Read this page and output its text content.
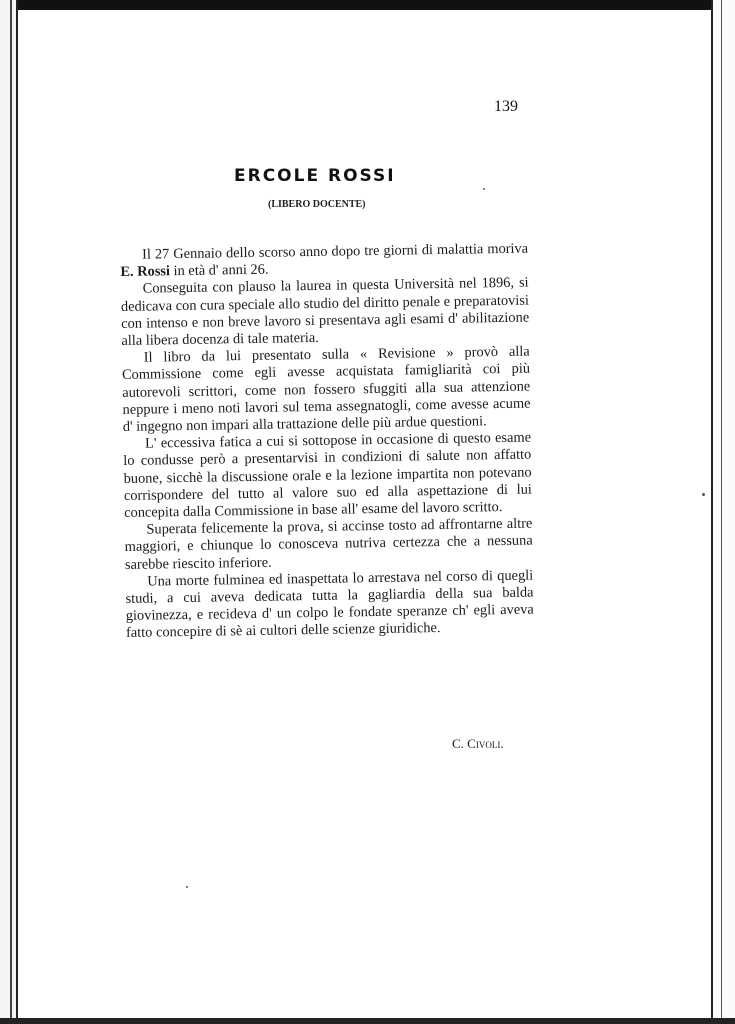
139
ERCOLE ROSSI
(LIBERO DOCENTE)

Il 27 Gennaio dello scorso anno dopo tre giorni di malattia moriva E. Rossi in età d' anni 26.

Conseguita con plauso la laurea in questa Università nel 1896, si dedicava con cura speciale allo studio del diritto penale e preparatovisi con intenso e non breve lavoro si presentava agli esami d' abilitazione alla libera docenza di tale materia.

Il libro da lui presentato sulla « Revisione » provò alla Commissione come egli avesse acquistata famigliarità coi più autorevoli scrittori, come non fossero sfuggiti alla sua attenzione neppure i meno noti lavori sul tema assegnatogli, come avesse acume d' ingegno non impari alla trattazione delle più ardue questioni.

L' eccessiva fatica a cui si sottopose in occasione di questo esame lo condusse però a presentarvisi in condizioni di salute non affatto buone, sicchè la discussione orale e la lezione impartita non potevano corrispondere del tutto al valore suo ed alla aspettazione di lui concepita dalla Commissione in base all' esame del lavoro scritto.

Superata felicemente la prova, si accinse tosto ad affrontarne altre maggiori, e chiunque lo conosceva nutriva certezza che a nessuna sarebbe riescito inferiore.

Una morte fulminea ed inaspettata lo arrestava nel corso di quegli studi, a cui aveva dedicata tutta la gagliardia della sua balda giovinezza, e recideva d' un colpo le fondate speranze ch' egli aveva fatto concepire di sè ai cultori delle scienze giuridiche.

C. Civoli.
